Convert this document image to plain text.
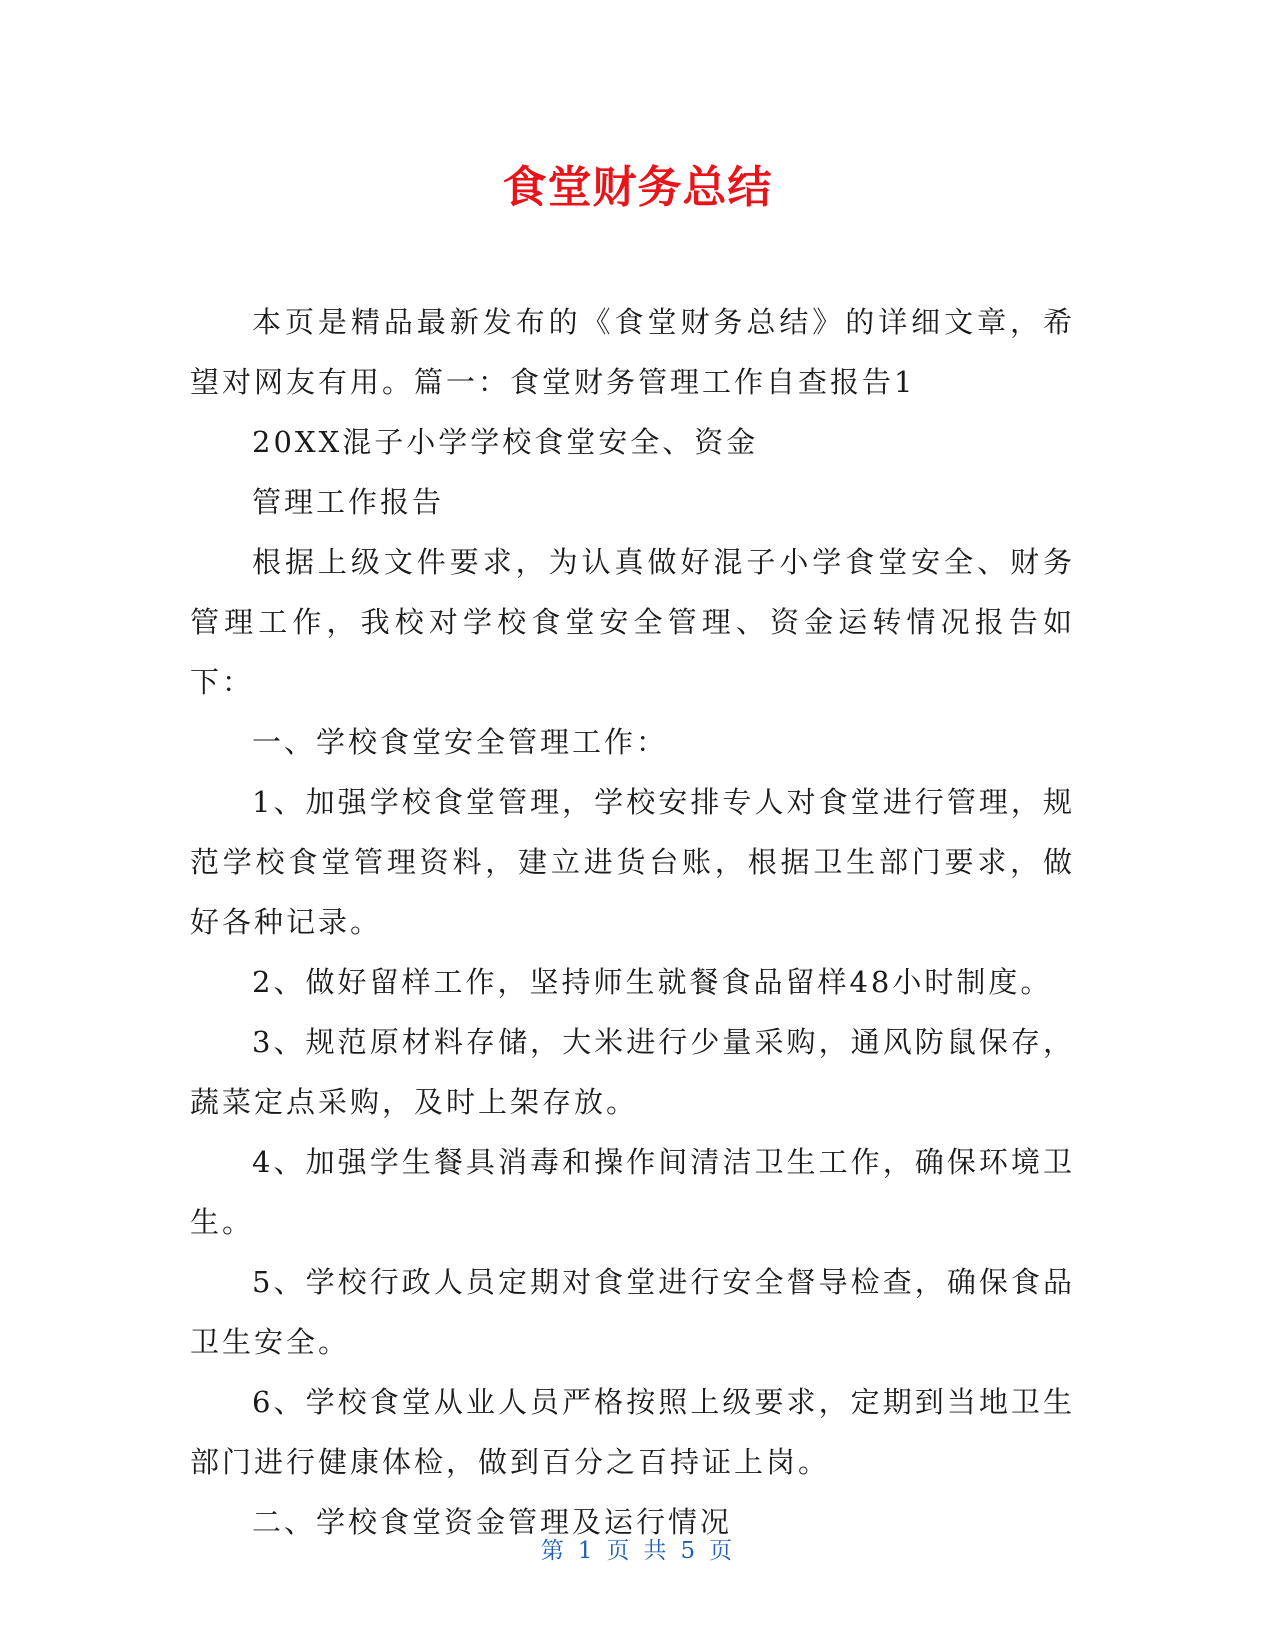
食堂财务总结

本页是精品最新发布的《食堂财务总结》的详细文章，希望对网友有用。篇一：食堂财务管理工作自查报告1

20XX混子小学学校食堂安全、资金

管理工作报告

根据上级文件要求，为认真做好混子小学食堂安全、财务管理工作，我校对学校食堂安全管理、资金运转情况报告如下：

一、学校食堂安全管理工作：

1、加强学校食堂管理，学校安排专人对食堂进行管理，规范学校食堂管理资料，建立进货台账，根据卫生部门要求，做好各种记录。

2、做好留样工作，坚持师生就餐食品留样48小时制度。

3、规范原材料存储，大米进行少量采购，通风防鼠保存，蔬菜定点采购，及时上架存放。

4、加强学生餐具消毒和操作间清洁卫生工作，确保环境卫生。

5、学校行政人员定期对食堂进行安全督导检查，确保食品卫生安全。

6、学校食堂从业人员严格按照上级要求，定期到当地卫生部门进行健康体检，做到百分之百持证上岗。

二、学校食堂资金管理及运行情况

第 1 页 共 5 页
